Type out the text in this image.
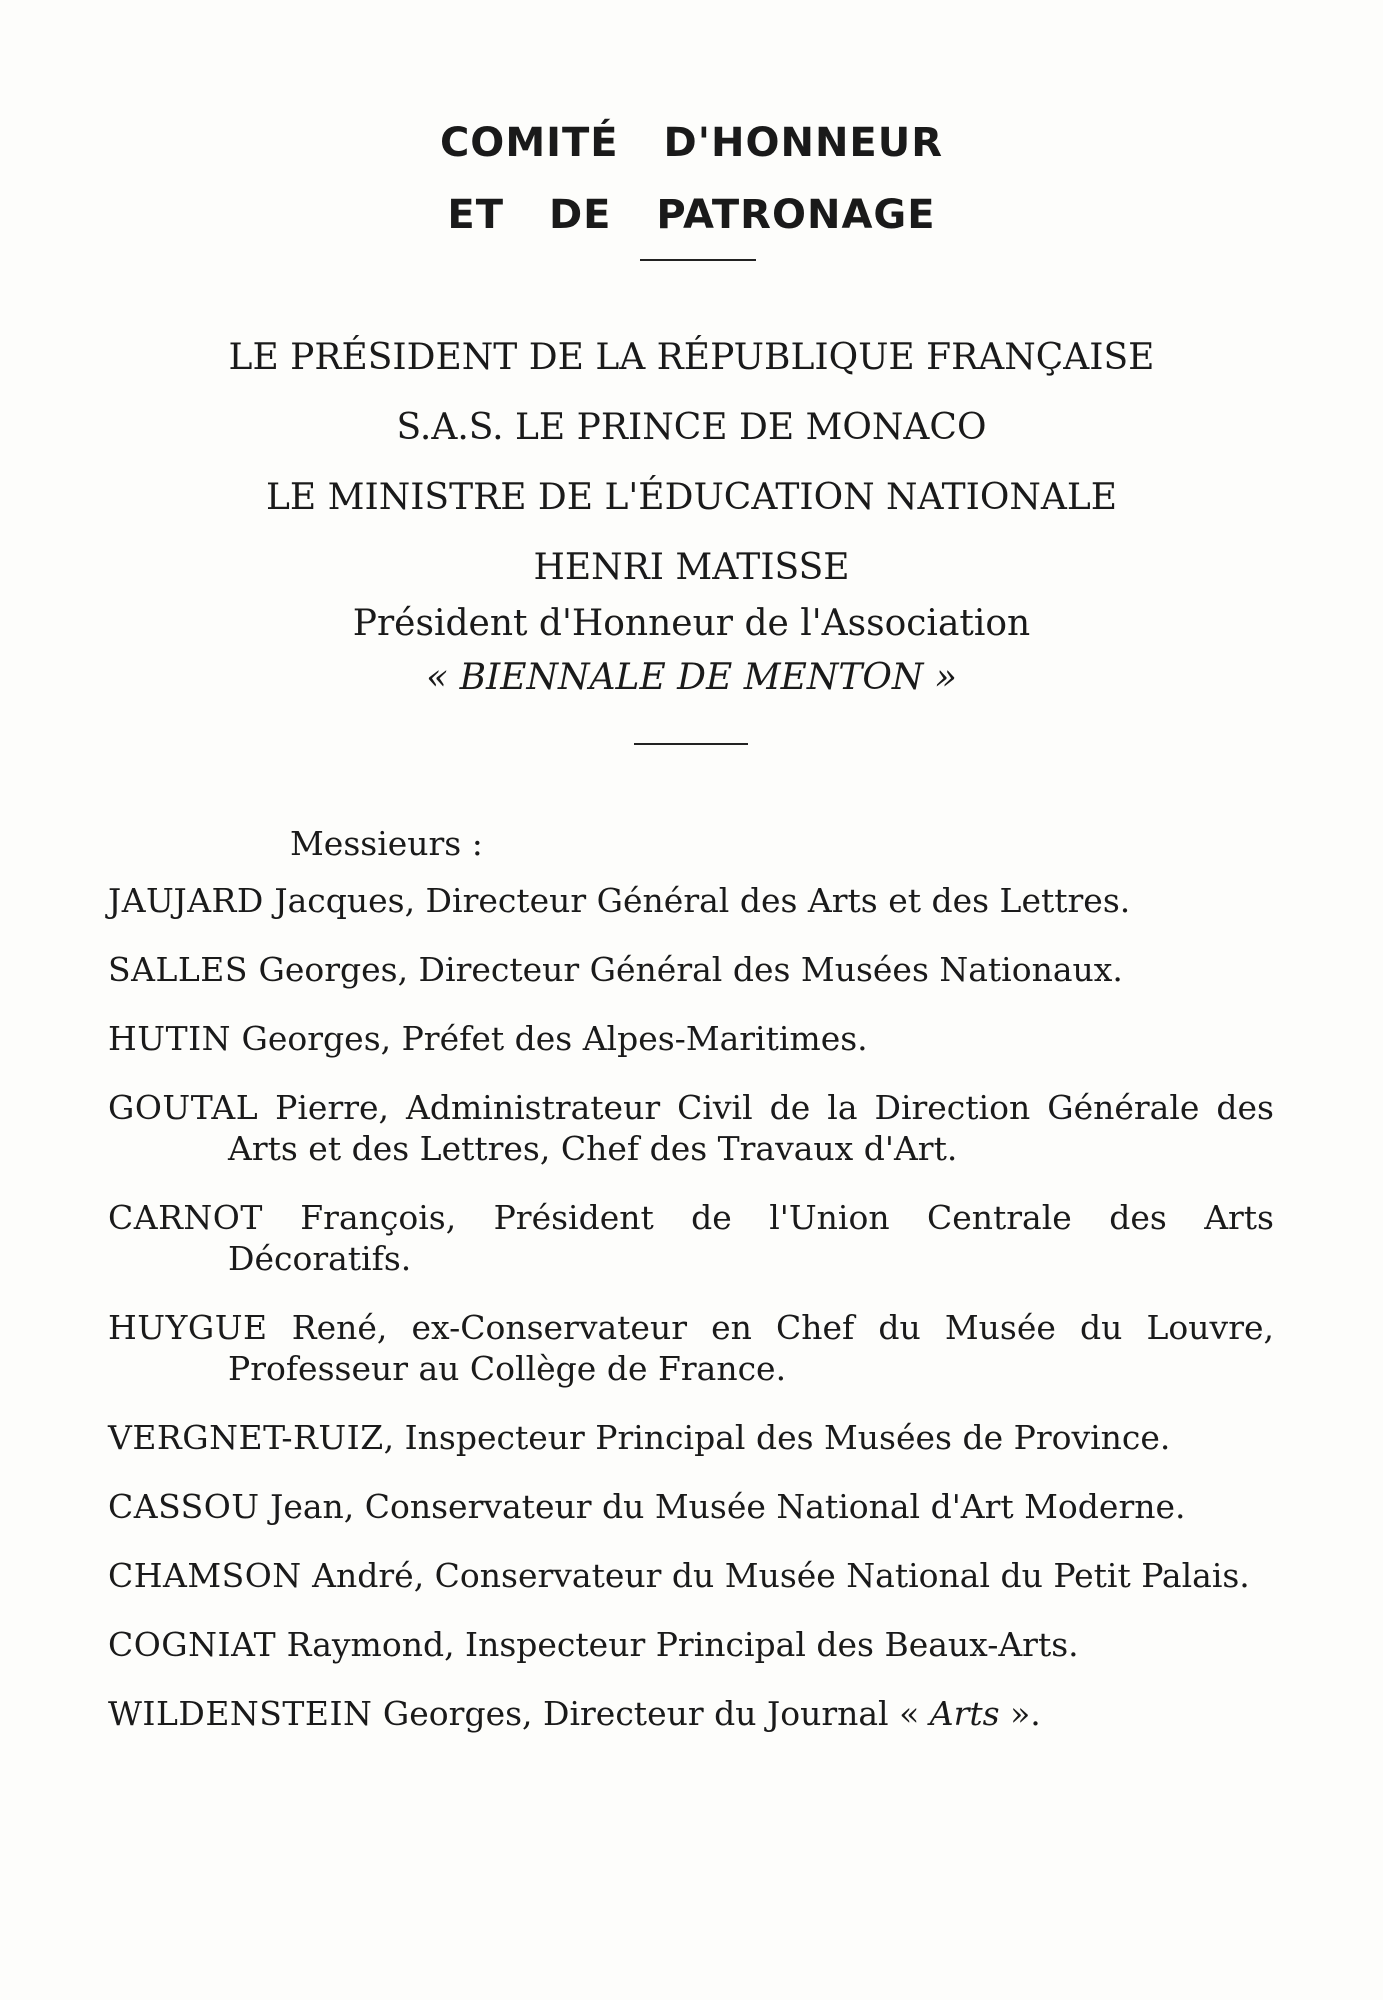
COMITÉ D'HONNEUR
ET DE PATRONAGE

LE PRÉSIDENT DE LA RÉPUBLIQUE FRANÇAISE

S.A.S. LE PRINCE DE MONACO

LE MINISTRE DE L'ÉDUCATION NATIONALE

HENRI MATISSE

Président d'Honneur de l'Association

« BIENNALE DE MENTON »

Messieurs :

JAUJARD Jacques, Directeur Général des Arts et des Lettres.
SALLES Georges, Directeur Général des Musées Nationaux.
HUTIN Georges, Préfet des Alpes-Maritimes.
GOUTAL Pierre, Administrateur Civil de la Direction Générale des Arts et des Lettres, Chef des Travaux d'Art.
CARNOT François, Président de l'Union Centrale des Arts Décoratifs.
HUYGUE René, ex-Conservateur en Chef du Musée du Louvre, Professeur au Collège de France.
VERGNET-RUIZ, Inspecteur Principal des Musées de Province.
CASSOU Jean, Conservateur du Musée National d'Art Moderne.
CHAMSON André, Conservateur du Musée National du Petit Palais.
COGNIAT Raymond, Inspecteur Principal des Beaux-Arts.
WILDENSTEIN Georges, Directeur du Journal « Arts ».
